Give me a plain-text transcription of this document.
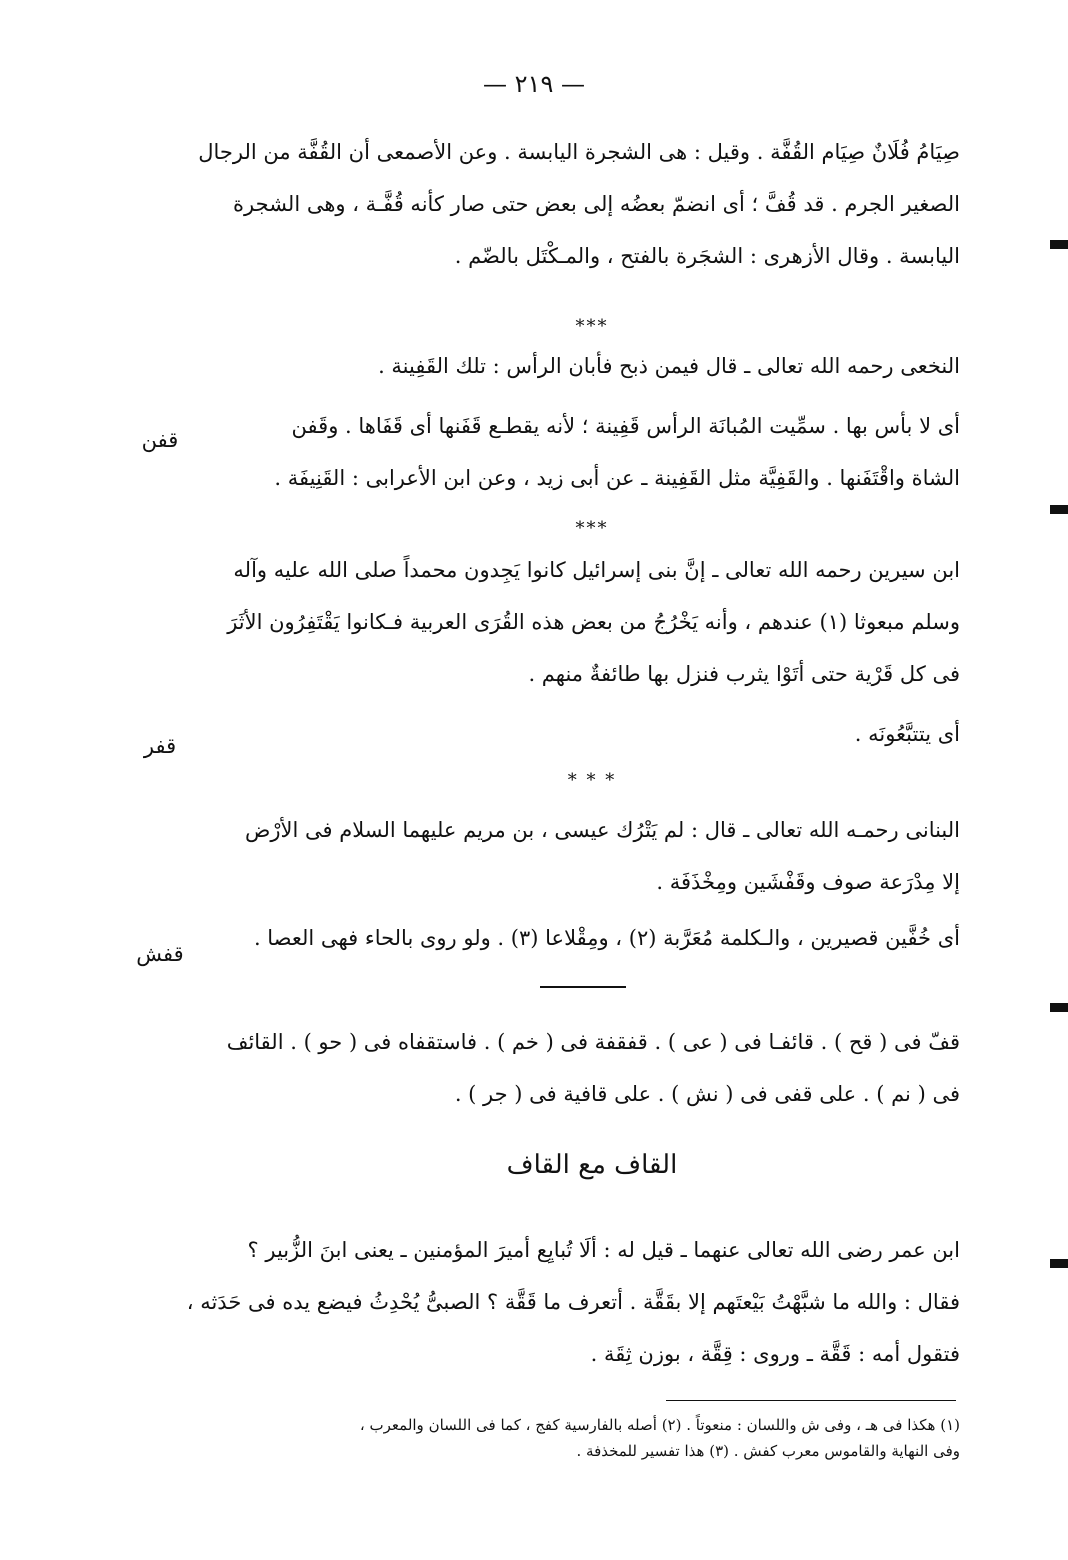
— ٢١٩ —
صِيَامُ فُلَانٌ صِيَام القُفَّة . وقيل : هى الشجرة اليابسة . وعن الأصمعى أن القُفَّة من الرجال
الصغير الجرم . قد قُفَّ ؛ أى انضمّ بعضُه إلى بعض حتى صار كأنه قُفَّـة ، وهى الشجرة
اليابسة . وقال الأزهرى : الشجَرة بالفتح ، والمـكْتَل بالضّم .
***
النخعى رحمه الله تعالى ـ قال فيمن ذبح فأبان الرأس : تلك القَفِينة .
قفن
أى لا بأس بها . سمِّيت المُبانَة الرأس قَفِينة ؛ لأنه يقطـع قَفَنها أى قَفَاها . وقَفن
الشاة واقْتَفَنها . والقَفِيَّة مثل القَفِينة ـ عن أبى زيد ، وعن ابن الأعرابى : القَنِيفَة .
***
ابن سيرين رحمه الله تعالى ـ إنَّ بنى إسرائيل كانوا يَجِدون محمداً صلى الله عليه وآله
وسلم مبعوثا (١) عندهم ، وأنه يَخْرُجُ من بعض هذه القُرَى العربية فـكانوا يَقْتَفِرُون الأثَرَ
فى كل قَرْية حتى أتَوْا يثرب فنزل بها طائفةٌ منهم .
قفر	أى يتتبَّعُونَه .
* * *
البنانى رحمـه الله تعالى ـ قال : لم يَتْرُك عيسى ، بن مريم عليهما السلام فى الأرْض
إلا مِدْرَعة صوف وقَفْشَين ومِخْذَفَة .
قفش
أى خُفَّين قصيرين ، والـكلمة مُعَرَّبة (٢) ، ومِقْلاعا (٣) . ولو روى بالحاء فهى العصا .
قفّ فى ( قح ) . قائفـا فى ( عى ) . قفقفة فى ( خم ) . فاستقفاه فى ( حو ) . القائف
فى ( نم ) . على قفى فى ( نش ) . على قافية فى ( جر ) .
القاف مع القاف
ابن عمر رضى الله تعالى عنهما ـ قيل له : ألَا تُبايِع أميرَ المؤمنين ـ يعنى ابنَ الزُّبير ؟
فقال : والله ما شبَّهْتُ بَيْعتَهم إلا بقَقَّة . أتعرف ما قَقَّة ؟ الصبىُّ يُحْدِثُ فيضع يده فى حَدَثه ،
فتقول أمه : قَقَّة ـ وروى : قِقَّة ، بوزن ثِقَة .
(١) هكذا فى هـ ، وفى ش واللسان : منعوتاً . (٢) أصله بالفارسية كفج ، كما فى اللسان والمعرب ،
وفى النهاية والقاموس معرب كفش . (٣) هذا تفسير للمخذفة .
